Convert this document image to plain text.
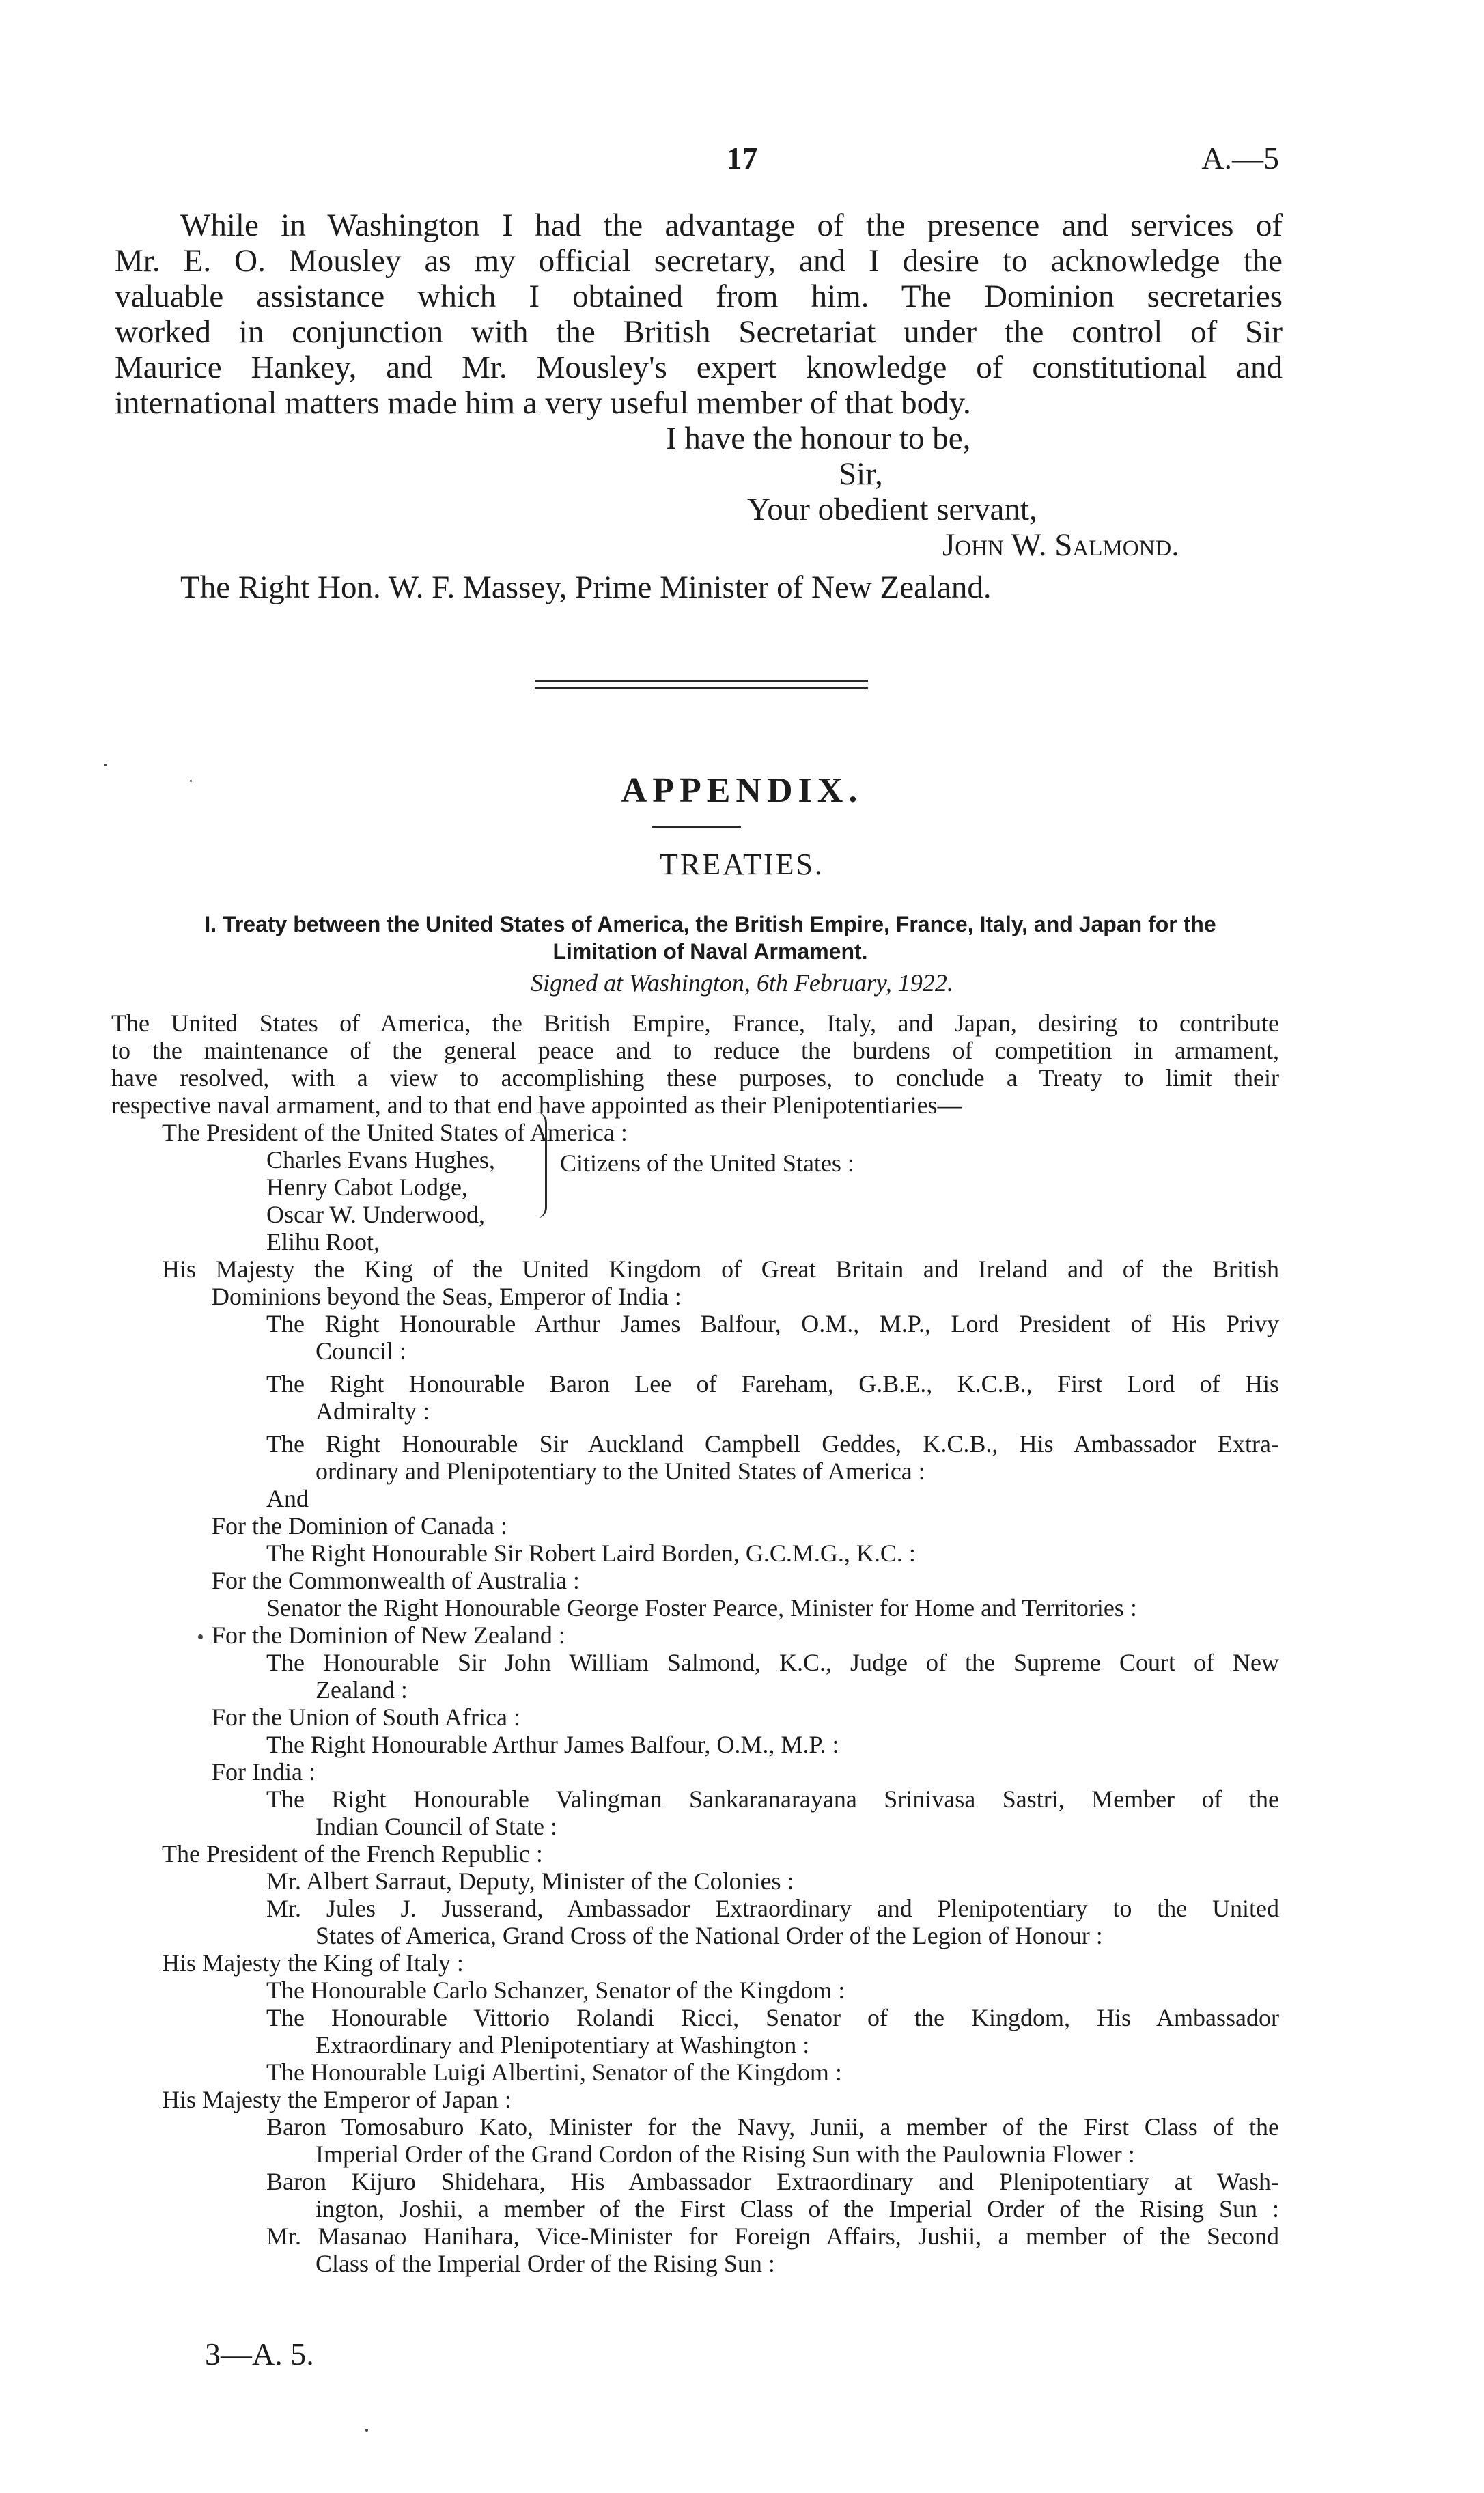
17	A.—5
While in Washington I had the advantage of the presence and services of
Mr. E. O. Mousley as my official secretary, and I desire to acknowledge the
valuable assistance which I obtained from him. The Dominion secretaries
worked in conjunction with the British Secretariat under the control of Sir
Maurice Hankey, and Mr. Mousley's expert knowledge of constitutional and
international matters made him a very useful member of that body.
I have the honour to be,
Sir,
Your obedient servant,
John W. Salmond.
The Right Hon. W. F. Massey, Prime Minister of New Zealand.
APPENDIX.
TREATIES.
I. Treaty between the United States of America, the British Empire, France, Italy, and Japan for the Limitation of Naval Armament.
Signed at Washington, 6th February, 1922.
The United States of America, the British Empire, France, Italy, and Japan, desiring to contribute
to the maintenance of the general peace and to reduce the burdens of competition in armament,
have resolved, with a view to accomplishing these purposes, to conclude a Treaty to limit their
respective naval armament, and to that end have appointed as their Plenipotentiaries—
The President of the United States of America :
Charles Evans Hughes,
Henry Cabot Lodge,
Oscar W. Underwood,
Elihu Root,
Citizens of the United States :
His Majesty the King of the United Kingdom of Great Britain and Ireland and of the British
Dominions beyond the Seas, Emperor of India :
The Right Honourable Arthur James Balfour, O.M., M.P., Lord President of His Privy
Council :
The Right Honourable Baron Lee of Fareham, G.B.E., K.C.B., First Lord of His
Admiralty :
The Right Honourable Sir Auckland Campbell Geddes, K.C.B., His Ambassador Extra-
ordinary and Plenipotentiary to the United States of America :
And
For the Dominion of Canada :
The Right Honourable Sir Robert Laird Borden, G.C.M.G., K.C. :
For the Commonwealth of Australia :
Senator the Right Honourable George Foster Pearce, Minister for Home and Territories :
For the Dominion of New Zealand :
The Honourable Sir John William Salmond, K.C., Judge of the Supreme Court of New
Zealand :
For the Union of South Africa :
The Right Honourable Arthur James Balfour, O.M., M.P. :
For India :
The Right Honourable Valingman Sankaranarayana Srinivasa Sastri, Member of the
Indian Council of State :
The President of the French Republic :
Mr. Albert Sarraut, Deputy, Minister of the Colonies :
Mr. Jules J. Jusserand, Ambassador Extraordinary and Plenipotentiary to the United
States of America, Grand Cross of the National Order of the Legion of Honour :
His Majesty the King of Italy :
The Honourable Carlo Schanzer, Senator of the Kingdom :
The Honourable Vittorio Rolandi Ricci, Senator of the Kingdom, His Ambassador
Extraordinary and Plenipotentiary at Washington :
The Honourable Luigi Albertini, Senator of the Kingdom :
His Majesty the Emperor of Japan :
Baron Tomosaburo Kato, Minister for the Navy, Junii, a member of the First Class of the
Imperial Order of the Grand Cordon of the Rising Sun with the Paulownia Flower :
Baron Kijuro Shidehara, His Ambassador Extraordinary and Plenipotentiary at Wash-
ington, Joshii, a member of the First Class of the Imperial Order of the Rising Sun :
Mr. Masanao Hanihara, Vice-Minister for Foreign Affairs, Jushii, a member of the Second
Class of the Imperial Order of the Rising Sun :
3—A. 5.
